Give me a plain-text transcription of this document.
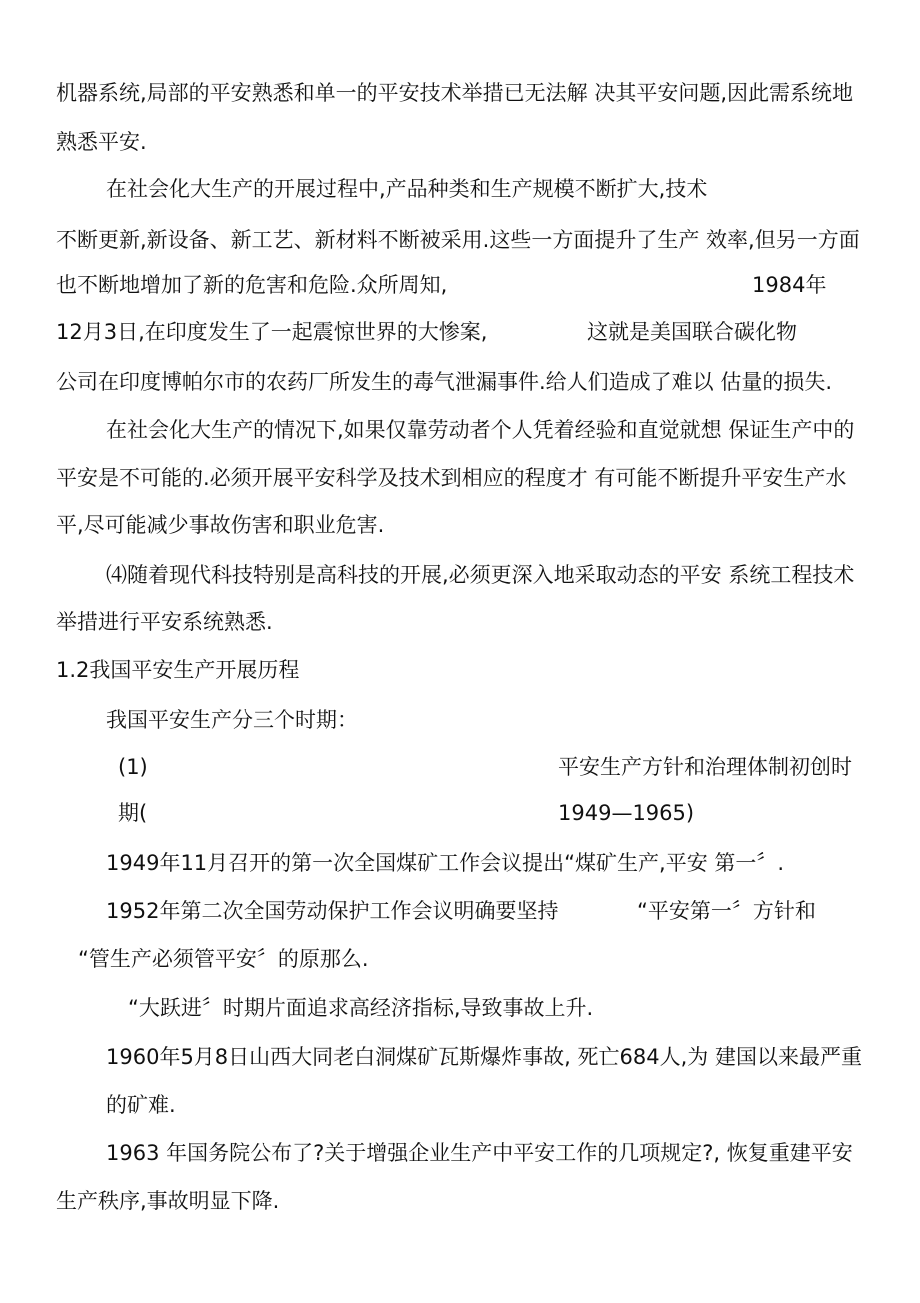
机器系统,局部的平安熟悉和单一的平安技术举措已无法解 决其平安问题,因此需系统地
熟悉平安.
在社会化大生产的开展过程中,产品种类和生产规模不断扩大,技术
不断更新,新设备、新工艺、新材料不断被采用.这些一方面提升了生产 效率,但另一方面
也不断地增加了新的危害和危险.众所周知,	1984年
12月3日,在印度发生了一起震惊世界的大惨案,	这就是美国联合碳化物
公司在印度博帕尔市的农药厂所发生的毒气泄漏事件.给人们造成了难以 估量的损失.
在社会化大生产的情况下,如果仅靠劳动者个人凭着经验和直觉就想 保证生产中的
平安是不可能的.必须开展平安科学及技术到相应的程度才 有可能不断提升平安生产水
平,尽可能减少事故伤害和职业危害.
⑷随着现代科技特别是高科技的开展,必须更深入地采取动态的平安 系统工程技术
举措进行平安系统熟悉.
1.2我国平安生产开展历程
我国平安生产分三个时期：
(1)	平安生产方针和治理体制初创时
期(	1949—1965)
1949年11月召开的第一次全国煤矿工作会议提出“煤矿生产,平安 第一〞.
1952年第二次全国劳动保护工作会议明确要坚持	“平安第一〞方针和
“管生产必须管平安〞的原那么.
“大跃进〞时期片面追求高经济指标,导致事故上升.
1960年5月8日山西大同老白洞煤矿瓦斯爆炸事故, 死亡684人,为 建国以来最严重
的矿难.
1963 年国务院公布了?关于增强企业生产中平安工作的几项规定?, 恢复重建平安
生产秩序,事故明显下降.
